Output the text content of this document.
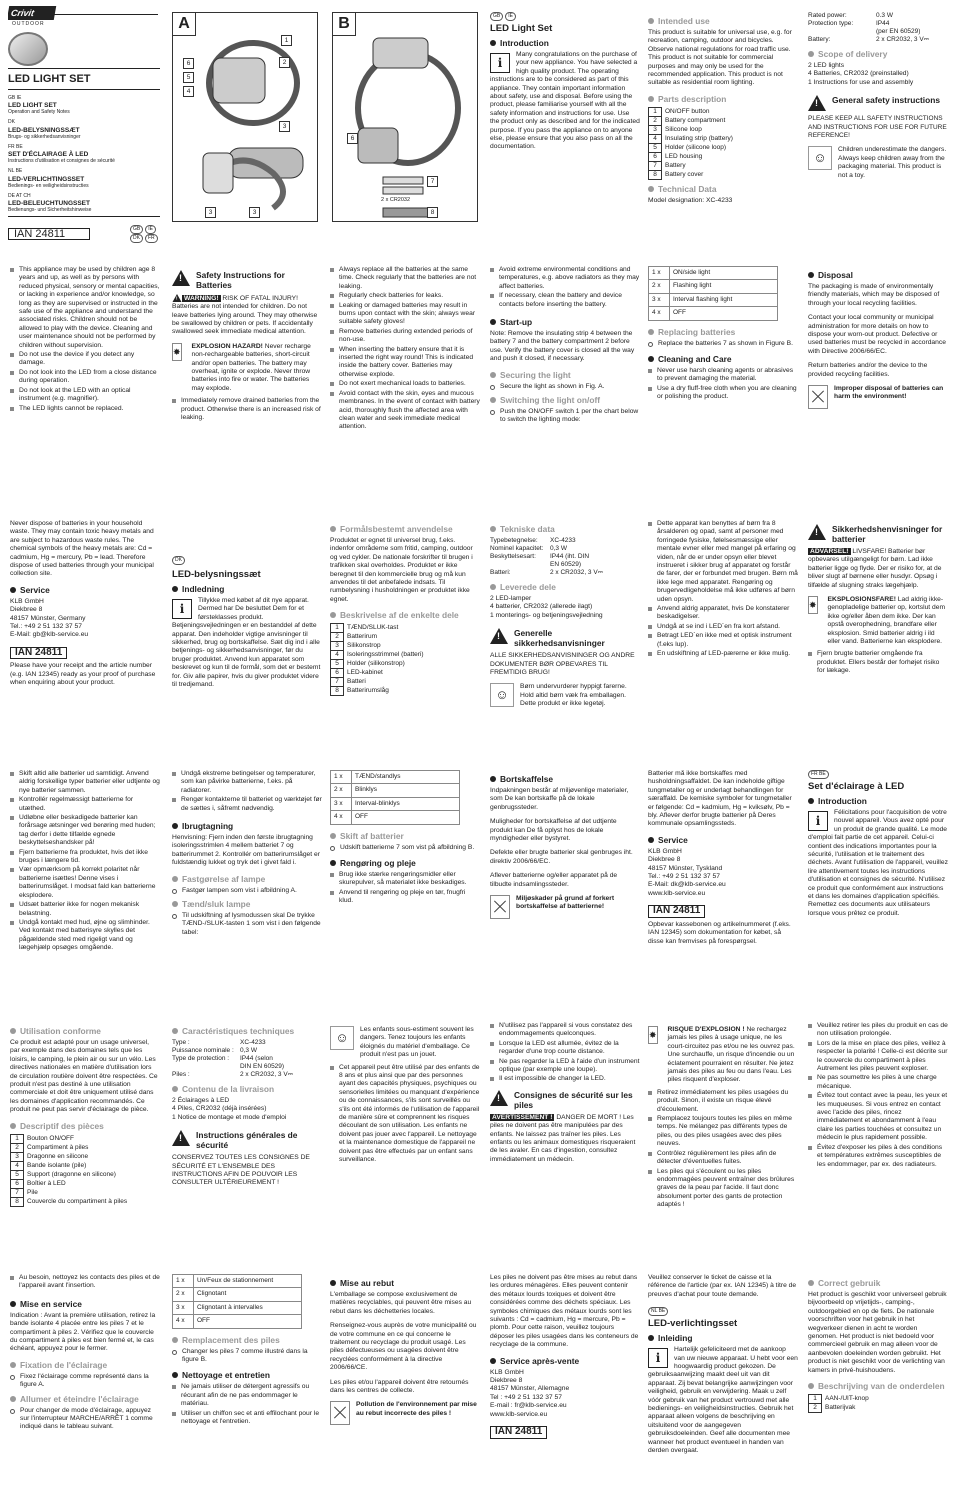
Crivit
OUTDOOR
LED LIGHT SET
GB IE
LED LIGHT SET
Operation and Safety Notes
DK
LED-BELYSNINGSSÆT
Brugs- og sikkerhedsanvisninger
FR BE
SET D'ÉCLAIRAGE À LED
Instructions d'utilisation et consignes de sécurité
NL BE
LED-VERLICHTINGSSET
Bedienings- en veiligheidsinstructies
DE AT CH
LED-BELEUCHTUNGSSET
Bedienungs- und Sicherheitshinweise
IAN 24811	GB IE
DK FR
A
1
2
6
5
4
3
3	3
B
6
7
8
2 x CR2032
GB IE
LED Light Set
Introduction
i

Many congratulations on the purchase of your new appliance. You have selected a high quality product. The operating instructions are to be considered as part of this appliance. They contain important information about safety, use and disposal. Before using the product, please familiarise yourself with all the safety information and instructions for use. Use the product only as described and for the indicated purpose. If you pass the appliance on to anyone else, please ensure that you also pass on all the documentation.

Intended use

This product is suitable for universal use, e.g. for recreation, camping, outdoor and bicycles. Observe national regulations for road traffic use. This product is not suitable for commercial purposes and may only be used for the recommended application. This product is not suitable as residential room lighting.

Parts description
1	ON/OFF button
2	Battery compartment
3	Silicone loop
4	Insulating strip (battery)
5	Holder (silicone loop)
6	LED housing
7	Battery
8	Battery cover
Technical Data
Model designation: XC-4233
Rated power:	0.3 W
Protection type:	IP44
(per EN 60529)
Battery:	2 x CR2032, 3 V⎓
Scope of delivery
2 LED lights
4 Batteries, CR2032 (preinstalled)
1 Instructions for use and assembly
!
General safety instructions

PLEASE KEEP ALL SAFETY INSTRUCTIONS AND INSTRUCTIONS FOR USE FOR FUTURE REFERENCE!

☺

Children underestimate the dangers. Always keep children away from the packaging material. This product is not a toy.

This appliance may be used by children age 8 years and up, as well as by persons with reduced physical, sensory or mental capacities, or lacking in experience and/or knowledge, so long as they are supervised or instructed in the safe use of the appliance and understand the associated risks. Children should not be allowed to play with the device. Cleaning and user maintenance should not be performed by children without supervision.
Do not use the device if you detect any damage.
Do not look into the LED from a close distance during operation.
Do not look at the LED with an optical instrument (e.g. magnifier).
The LED lights cannot be replaced.
!
Safety Instructions for Batteries

!WARNING! RISK OF FATAL INJURY! Batteries are not intended for children. Do not leave batteries lying around. They may otherwise be swallowed by children or pets. If accidentally swallowed seek immediate medical attention.

✸
EXPLOSION HAZARD! Never recharge non-rechargeable batteries, short-circuit and/or open batteries. The battery may overheat, ignite or explode. Never throw batteries into fire or water. The batteries may explode.
Immediately remove drained batteries from the product. Otherwise there is an increased risk of leaking.
Always replace all the batteries at the same time. Check regularly that the batteries are not leaking.
Regularly check batteries for leaks.
Leaking or damaged batteries may result in burns upon contact with the skin; always wear suitable safety gloves!
Remove batteries during extended periods of non-use.
When inserting the battery ensure that it is inserted the right way round! This is indicated inside the battery cover. Batteries may otherwise explode.
Do not exert mechanical loads to batteries.
Avoid contact with the skin, eyes and mucous membranes. In the event of contact with battery acid, thoroughly flush the affected area with clean water and seek immediate medical attention.
Avoid extreme environmental conditions and temperatures, e.g. above radiators as they may affect batteries.
If necessary, clean the battery and device contacts before inserting the battery.
Start-up

Note: Remove the insulating strip 4 between the battery 7 and the battery compartment 2 before use. Verify the battery cover is closed all the way and push it closed, if necessary.

Securing the light
Secure the light as shown in Fig. A.
Switching the light on/off
Push the ON/OFF switch 1 per the chart below to switch the lighting mode:
1 x	ON/side light
2 x	Flashing light
3 x	Interval flashing light
4 x	OFF
Replacing batteries
Replace the batteries 7 as shown in Figure B.
Cleaning and Care
Never use harsh cleaning agents or abrasives to prevent damaging the material.
Use a dry fluff-free cloth when you are cleaning or polishing the product.
Disposal

The packaging is made of environmentally friendly materials, which may be disposed of through your local recycling facilities.

Contact your local community or municipal administration for more details on how to dispose your worn-out product. Defective or used batteries must be recycled in accordance with Directive 2006/66/EC.

Return batteries and/or the device to the provided recycling facilities.

Improper disposal of batteries can harm the environment!

Never dispose of batteries in your household waste. They may contain toxic heavy metals and are subject to hazardous waste rules. The chemical symbols of the heavy metals are: Cd = cadmium, Hg = mercury, Pb = lead. Therefore dispose of used batteries through your municipal collection site.

Service
KLB GmbH
Diekbree 8
48157 Münster, Germany
Tel.: +49 2 51 132 37 57
E-Mail: gb@klb-service.eu
IAN 24811

Please have your receipt and the article number (e.g. IAN 12345) ready as your proof of purchase when enquiring about your product.

DK
LED-belysningssæt
Indledning
i

Tillykke med købet af dit nye apparat. Dermed har De besluttet Dem for et førsteklasses produkt. Betjeningsvejledningen er en bestanddel af dette apparat. Den indeholder vigtige anvisninger til sikkerhed, brug og bortskaffelse. Sæt dig ind i alle betjenings- og sikkerhedsanvisninger, før du bruger produktet. Anvend kun apparatet som beskrevet og kun til de formål, som det er bestemt for. Giv alle papirer, hvis du giver produktet videre til tredjemand.

Formålsbestemt anvendelse

Produktet er egnet til universel brug, f.eks. indenfor områderne som fritid, camping, outdoor og ved cykler. De nationale forskrifter til brugen i trafikken skal overholdes. Produktet er ikke beregnet til den kommercielle brug og må kun anvendes til det anbefalede indsats. Til rumbelysning i husholdningen er produktet ikke egnet.

Beskrivelse af de enkelte dele
1	TÆND/SLUK-tast
2	Batterirum
3	Silikonstrop
4	Isoleringsstrimmel (batteri)
5	Holder (silikonstrop)
6	LED-kabinet
7	Batteri
8	Batterirumslåg
Tekniske data
Typebetegnelse:	XC-4233
Nominel kapacitet:	0,3 W
Beskyttelsesart:	IP44 (iht. DIN
EN 60529)
Batteri:	2 x CR2032, 3 V⎓
Leverede dele
2 LED-lamper
4 batterier, CR2032 (allerede ilagt)
1 monterings- og betjeningsvejledning
!
Generelle sikkerhedsanvisninger

ALLE SIKKERHEDSANVISNINGER OG ANDRE DOKUMENTER BØR OPBEVARES TIL FREMTIDIG BRUG!

☺

Børn undervurderer hyppigt farerne. Hold altid børn væk fra emballagen. Dette produkt er ikke legetøj.

Dette apparat kan benyttes af børn fra 8 årsalderen og opad, samt af personer med forringede fysiske, følelsesmæssige eller mentale evner eller med mangel på erfaring og viden, når de er under opsyn eller blevet instrueret i sikker brug af apparatet og forstår de farer, der er forbundet med brugen. Børn må ikke lege med apparatet. Rengøring og brugervedligeholdelse må ikke udføres af børn uden opsyn.
Anvend aldrig apparatet, hvis De konstaterer beskadigelser.
Undgå at se ind i LED´en fra kort afstand.
Betragt LED´en ikke med et optisk instrument (f.eks lup).
En udskiftning af LED-pærerne er ikke mulig.
!
Sikkerhedshenvisninger for batterier

ADVARSEL! LIVSFARE! Batterier bør opbevares utilgængeligt for børn. Lad ikke batterier ligge og flyde. Der er risiko for, at de bliver slugt af børnene eller husdyr. Opsøg i tilfælde af slugning straks lægehjælp.

✸
EKSPLOSIONSFARE! Lad aldrig ikke-genopladelige batterier op, kortslut dem ikke og/eller åben dem ikke. Der kan opstå overophedning, brandfare eller eksplosion. Smid batterier aldrig i ild eller vand. Batterierne kan eksplodere.
Fjern brugte batterier omgående fra produktet. Ellers består der forhøjet risiko for lækage.
Skift altid alle batterier ud samtidigt. Anvend aldrig forskellige typer batterier eller udtjente og nye batterier sammen.
Kontrollér regelmæssigt batterierne for utæthed.
Udløbne eller beskadigede batterier kan forårsage ætsninger ved berøring med huden; tag derfor i dette tilfælde egnede beskyttelseshandsker på!
Fjern batterierne fra produktet, hvis det ikke bruges i længere tid.
Vær opmærksom på korrekt polaritet når batterierne isættes! Denne vises i batterirumslåget. I modsat fald kan batterierne eksplodere.
Udsæt batterier ikke for nogen mekanisk belastning.
Undgå kontakt med hud, øjne og slimhinder. Ved kontakt med batterisyre skylles det pågældende sted med rigeligt vand og lægehjælp opsøges omgående.
Undgå ekstreme betingelser og temperaturer, som kan påvirke batterierne, f.eks. på radiatorer.
Rengør kontakterne til batteriet og værktøjet før de sættes i, såfremt nødvendig.
Ibrugtagning

Henvisning: Fjern inden den første ibrugtagning isoleringsstrimlen 4 mellem batteriet 7 og batterirummet 2. Kontrollér om batterirumslåget er fuldstændig lukket og tryk det i givet fald i.

Fastgørelse af lampe
Fastgør lampen som vist i afbildning A.
Tænd/sluk lampe
Til udskiftning af lysmodussen skal De trykke TÆND-/SLUK-tasten 1 som vist i den følgende tabel:
1 x	TÆND/standlys
2 x	Blinklys
3 x	Interval-blinklys
4 x	OFF
Skift af batterier
Udskift batterierne 7 som vist på afbildning B.
Rengøring og pleje
Brug ikke stærke rengøringsmidler eller skurepulver, så materialet ikke beskadiges.
Anvend til rengøring og pleje en tør, fnugfri klud.
Bortskaffelse

Indpakningen består af miljøvenlige materialer, som De kan bortskaffe på de lokale genbrugssteder.

Muligheder for bortskaffelse af det udtjente produkt kan De få oplyst hos de lokale myndigheder eller bystyret.

Defekte eller brugte batterier skal genbruges iht. direktiv 2006/66/EC.

Aflever batterierne og/eller apparatet på de tilbudte indsamlingssteder.

Miljøskader på grund af forkert bortskaffelse af batterierne!

Batterier må ikke bortskaffes med husholdningsaffaldet. De kan indeholde giftige tungmetaller og er underlagt behandlingen for særaffald. De kemiske symboler for tungmetaller er følgende: Cd = kadmium, Hg = kviksølv, Pb = bly. Aflever derfor brugte batterier på Deres kommunale opsamlingssteds.

Service
KLB GmbH
Diekbree 8
48157 Münster, Tyskland
Tel.: +49 2 51 132 37 57
E-Mail: dk@klb-service.eu
www.klb-service.eu
IAN 24811

Opbevar kassebonen og artikelnummeret (f.eks. IAN 12345) som dokumentation for købet, så disse kan fremvises på forespørgsel.

FR BE
Set d'éclairage à LED
Introduction
i

Félicitations pour l'acquisition de votre nouvel appareil. Vous avez opté pour un produit de grande qualité. Le mode d'emploi fait partie de cet appareil. Celui-ci contient des indications importantes pour la sécurité, l'utilisation et le traitement des déchets. Avant l'utilisation de l'appareil, veuillez lire attentivement toutes les instructions d'utilisation et consignes de sécurité. N'utilisez ce produit que conformément aux instructions et dans les domaines d'application spécifiés. Remettez ces documents aux utilisateurs lorsque vous prêtez ce produit.

Utilisation conforme

Ce produit est adapté pour un usage universel, par exemple dans des domaines tels que les loisirs, le camping, le plein air ou sur un vélo. Les directives nationales en matière d'utilisation lors de circulation routière doivent être respectées. Ce produit n'est pas destiné à une utilisation commerciale et doit être uniquement utilisé dans les domaines d'application recommandés. Ce produit ne peut pas servir d'éclairage de pièce.

Descriptif des pièces
1	Bouton ON/OFF
2	Compartiment à piles
3	Dragonne en silicone
4	Bande isolante (pile)
5	Support (dragonne en silicone)
6	Boîtier à LED
7	Pile
8	Couvercle du compartiment à piles
Caractéristiques techniques
Type :	XC-4233
Puissance nominale : 0,3 W
Type de protection :	IP44 (selon
DIN EN 60529)
Piles :	2 x CR2032, 3 V⎓
Contenu de la livraison
2 Éclairages à LED
4 Piles, CR2032 (déjà insérées)
1 Notice de montage et mode d'emploi
!
Instructions générales de sécurité

CONSERVEZ TOUTES LES CONSIGNES DE SÉCURITÉ ET L'ENSEMBLE DES INSTRUCTIONS AFIN DE POUVOIR LES CONSULTER ULTÉRIEUREMENT !

☺

Les enfants sous-estiment souvent les dangers. Tenez toujours les enfants éloignés du matériel d'emballage. Ce produit n'est pas un jouet.

Cet appareil peut être utilisé par des enfants de 8 ans et plus ainsi que par des personnes ayant des capacités physiques, psychiques ou sensorielles limitées ou manquant d'expérience ou de connaissances, s'ils sont surveillés ou s'ils ont été informés de l'utilisation de l'appareil de manière sûre et comprennent les risques découlant de son utilisation. Les enfants ne doivent pas jouer avec l'appareil. Le nettoyage et la maintenance domestique de l'appareil ne doivent pas être effectués par un enfant sans surveillance.
N'utilisez pas l'appareil si vous constatez des endommagements quelconques.
Lorsque la LED est allumée, évitez de la regarder d'une trop courte distance.
Ne pas regarder la LED à l'aide d'un instrument optique (par exemple une loupe).
Il est impossible de changer la LED.
!
Consignes de sécurité sur les piles

AVERTISSEMENT ! DANGER DE MORT ! Les piles ne doivent pas être manipulées par des enfants. Ne laissez pas traîner les piles. Les enfants ou les animaux domestiques risqueraient de les avaler. En cas d'ingestion, consultez immédiatement un médecin.

✸
RISQUE D'EXPLOSION ! Ne rechargez jamais les piles à usage unique, ne les court-circuitez pas et/ou ne les ouvrez pas. Une surchauffe, un risque d'incendie ou un éclatement pourraient en résulter. Ne jetez jamais des piles au feu ou dans l'eau. Les piles risquent d'exploser.
Retirez immédiatement les piles usagées du produit. Sinon, il existe un risque élevé d'écoulement.
Remplacez toujours toutes les piles en même temps. Ne mélangez pas différents types de piles, ou des piles usagées avec des piles neuves.
Contrôlez régulièrement les piles afin de détecter d'éventuelles fuites.
Les piles qui s'écoulent ou les piles endommagées peuvent entraîner des brûlures graves de la peau par l'acide. Il faut donc absolument porter des gants de protection adaptés !
Veuillez retirer les piles du produit en cas de non utilisation prolongée.
Lors de la mise en place des piles, veillez à respecter la polarité ! Celle-ci est décrite sur le couvercle du compartiment à piles Autrement les piles peuvent exploser.
Ne pas soumettre les piles à une charge mécanique.
Évitez tout contact avec la peau, les yeux et les muqueuses. Si vous entrez en contact avec l'acide des piles, rincez immédiatement et abondamment à l'eau claire les parties touchées et consultez un médecin le plus rapidement possible.
Évitez d'exposer les piles à des conditions et températures extrêmes susceptibles de les endommager, par ex. des radiateurs.
Au besoin, nettoyez les contacts des piles et de l'appareil avant l'insertion.
Mise en service

Indication : Avant la première utilisation, retirez la bande isolante 4 placée entre les piles 7 et le compartiment à piles 2. Vérifiez que le couvercle du compartiment à piles est bien fermé et, le cas échéant, appuyez pour le fermer.

Fixation de l'éclairage
Fixez l'éclairage comme représenté dans la figure A.
Allumer et éteindre l'éclairage
Pour changer de mode d'éclairage, appuyez sur l'interrupteur MARCHE/ARRÊT 1 comme indiqué dans le tableau suivant.
1 x	Un/Feux de stationnement
2 x	Clignotant
3 x	Clignotant à intervalles
4 x	OFF
Remplacement des piles
Changer les piles 7 comme illustré dans la figure B.
Nettoyage et entretien
Ne jamais utiliser de détergent agressifs ou récurant afin de ne pas endommager le matériau.
Utiliser un chiffon sec et anti effilochant pour le nettoyage et l'entretien.
Mise au rebut

L'emballage se compose exclusivement de matières recyclables, qui peuvent être mises au rebut dans les déchetteries locales.

Renseignez-vous auprès de votre municipalité ou de votre commune en ce qui concerne le traitement ou recyclage du produit usagé. Les piles défectueuses ou usagées doivent être recyclées conformément à la directive 2006/66/CE.

Les piles et/ou l'appareil doivent être retournés dans les centres de collecte.

Pollution de l'environnement par mise au rebut incorrecte des piles !

Les piles ne doivent pas être mises au rebut dans les ordures ménagères. Elles peuvent contenir des métaux lourds toxiques et doivent être considérées comme des déchets spéciaux. Les symboles chimiques des métaux lourds sont les suivants : Cd = cadmium, Hg = mercure, Pb = plomb. Pour cette raison, veuillez toujours déposer les piles usagées dans les conteneurs de recyclage de la commune.

Service après-vente
KLB GmbH
Diekbree 8
48157 Münster, Allemagne
Tel : +49 2 51 132 37 57
E-mail : fr@klb-service.eu
www.klb-service.eu
IAN 24811

Veuillez conserver le ticket de caisse et la référence de l'article (par ex. IAN 12345) à titre de preuves d'achat pour toute demande.

NL BE
LED-verlichtingsset
Inleiding
i

Hartelijk gefeliciteerd met de aankoop van uw nieuwe apparaat. U hebt voor een hoogwaardig product gekozen. De gebruiksaanwijzing maakt deel uit van dit apparaat. Zij bevat belangrijke aanwijzingen voor veiligheid, gebruik en verwijdering. Maak u zelf vóór gebruik van het product vertrouwd met alle bedienings- en veiligheidsinstructies. Gebruik het apparaat alleen volgens de beschrijving en uitsluitend voor de aangegeven gebruiksdoeleinden. Geef alle documenten mee wanneer het product eventueel in handen van derden overgaat.

Correct gebruik

Het product is geschikt voor universeel gebruik bijvoorbeeld op vrijetijds-, camping-, outdoorgebied en op de fiets. De nationale voorschriften voor het gebruik in het wegverkeer dienen in acht te worden genomen. Het product is niet bedoeld voor commercieel gebruik en mag alleen voor de aanbevolen doeleinden worden gebruikt. Het product is niet geschikt voor de verlichting van kamers in privé-huishoudens.

Beschrijving van de onderdelen
1	AAN-/UIT-knop
2	Batterijvak
